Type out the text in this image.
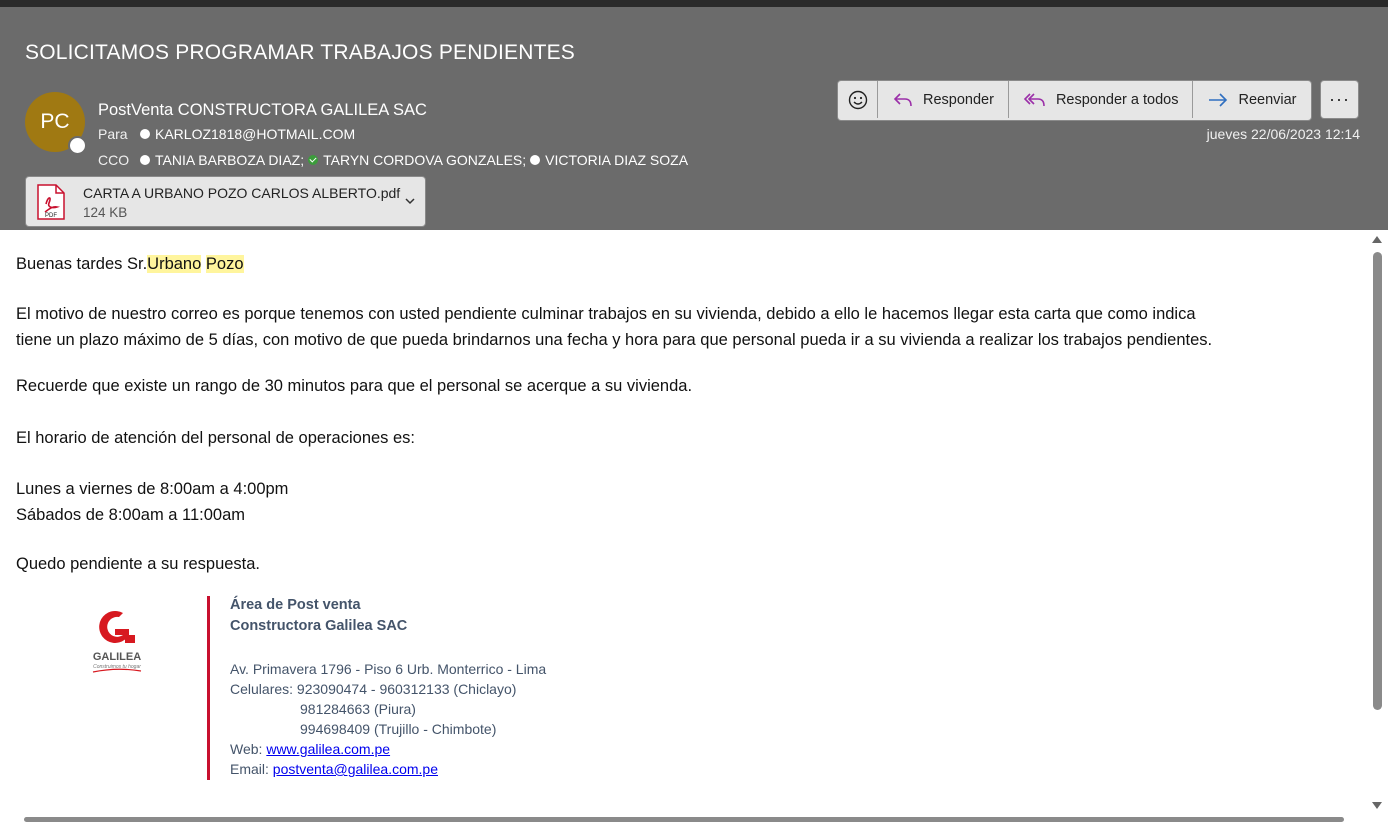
SOLICITAMOS PROGRAMAR TRABAJOS PENDIENTES
PC PostVenta CONSTRUCTORA GALILEA SAC
Para	KARLOZ1818@HOTMAIL.COM
CCO	TANIA BARBOZA DIAZ; TARYN CORDOVA GONZALES; VICTORIA DIAZ SOZA
PDF
CARTA A URBANO POZO CARLOS ALBERTO.pdf
124 KB
Responder	Responder a todos	Reenviar ···
jueves 22/06/2023 12:14
Buenas tardes Sr.Urbano Pozo
El motivo de nuestro correo es porque tenemos con usted pendiente culminar trabajos en su vivienda, debido a ello le hacemos llegar esta carta que como indica
tiene un plazo máximo de 5 días, con motivo de que pueda brindarnos una fecha y hora para que personal pueda ir a su vivienda a realizar los trabajos pendientes.
Recuerde que existe un rango de 30 minutos para que el personal se acerque a su vivienda.
El horario de atención del personal de operaciones es:
Lunes a viernes de 8:00am a 4:00pm
Sábados de 8:00am a 11:00am
Quedo pendiente a su respuesta.
GALILEA
Construimos tu hogar
Área de Post venta
Constructora Galilea SAC
Av. Primavera 1796 - Piso 6 Urb. Monterrico - Lima
Celulares: 923090474 - 960312133 (Chiclayo)
981284663 (Piura)
994698409 (Trujillo - Chimbote)
Web: www.galilea.com.pe
Email: postventa@galilea.com.pe
